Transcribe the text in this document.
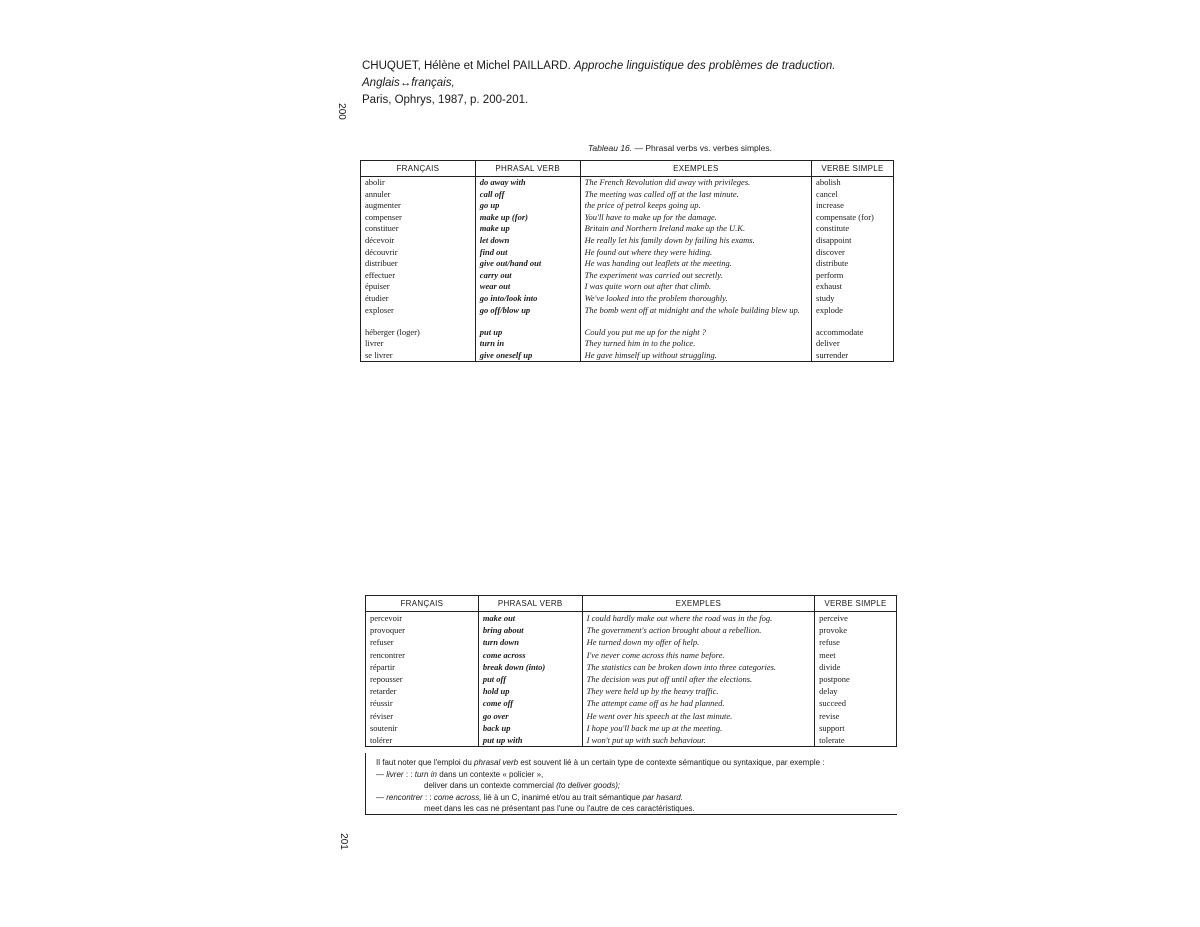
CHUQUET, Hélène et Michel PAILLARD. Approche linguistique des problèmes de traduction. Anglais↔français,
Paris, Ophrys, 1987, p. 200-201.
200
201
Tableau 16. — Phrasal verbs vs. verbes simples.
FRANÇAIS	PHRASAL VERB	EXEMPLES	VERBE SIMPLE
abolir	do away with	The French Revolution did away with privileges.	abolish
annuler	call off	The meeting was called off at the last minute.	cancel
augmenter	go up	the price of petrol keeps going up.	increase
compenser	make up (for)	You'll have to make up for the damage.	compensate (for)
constituer	make up	Britain and Northern Ireland make up the U.K.	constitute
décevoir	let down	He really let his family down by failing his exams.	disappoint
découvrir	find out	He found out where they were hiding.	discover
distribuer	give out/hand out	He was handing out leaflets at the meeting.	distribute
effectuer	carry out	The experiment was carried out secretly.	perform
épuiser	wear out	I was quite worn out after that climb.	exhaust
étudier	go into/look into	We've looked into the problem thoroughly.	study
exploser	go off/blow up	The bomb went off at midnight and the whole building blew up.	explode
héberger (loger)	put up	Could you put me up for the night ?	accommodate
livrer	turn in	They turned him in to the police.	deliver
se livrer	give oneself up	He gave himself up without struggling.	surrender
FRANÇAIS	PHRASAL VERB	EXEMPLES	VERBE SIMPLE
percevoir	make out	I could hardly make out where the road was in the fog.	perceive
provoquer	bring about	The government's action brought about a rebellion.	provoke
refuser	turn down	He turned down my offer of help.	refuse
rencontrer	come across	I've never come across this name before.	meet
répartir	break down (into)	The statistics can be broken down into three categories.	divide
repousser	put off	The decision was put off until after the elections.	postpone
retarder	hold up	They were held up by the heavy traffic.	delay
réussir	come off	The attempt came off as he had planned.	succeed
réviser	go over	He went over his speech at the last minute.	revise
soutenir	back up	I hope you'll back me up at the meeting.	support
tolérer	put up with	I won't put up with such behaviour.	tolerate
Il faut noter que l'emploi du phrasal verb est souvent lié à un certain type de contexte sémantique ou syntaxique, par exemple :
— livrer : : turn in dans un contexte « policier »,
deliver dans un contexte commercial (to deliver goods);
— rencontrer : : come across, lié à un C, inanimé et/ou au trait sémantique par hasard.
meet dans les cas ne présentant pas l'une ou l'autre de ces caractéristiques.
